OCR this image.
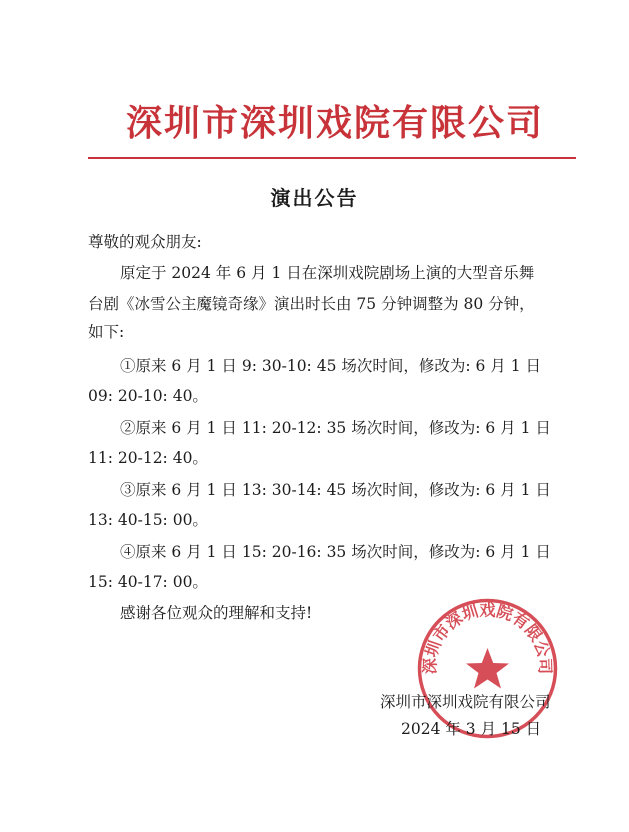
深圳市深圳戏院有限公司
演出公告
尊敬的观众朋友:
原定于 2024 年 6 月 1 日在深圳戏院剧场上演的大型音乐舞
台剧《冰雪公主魔镜奇缘》演出时长由 75 分钟调整为 80 分钟，
如下:
①原来 6 月 1 日 9: 30-10: 45 场次时间，修改为: 6 月 1 日
09: 20-10: 40。
②原来 6 月 1 日 11: 20-12: 35 场次时间，修改为: 6 月 1 日
11: 20-12: 40。
③原来 6 月 1 日 13: 30-14: 45 场次时间，修改为: 6 月 1 日
13: 40-15: 00。
④原来 6 月 1 日 15: 20-16: 35 场次时间，修改为: 6 月 1 日
15: 40-17: 00。
感谢各位观众的理解和支持!
深圳市深圳戏院有限公司
深圳市深圳戏院有限公司
2024 年 3 月 15 日
